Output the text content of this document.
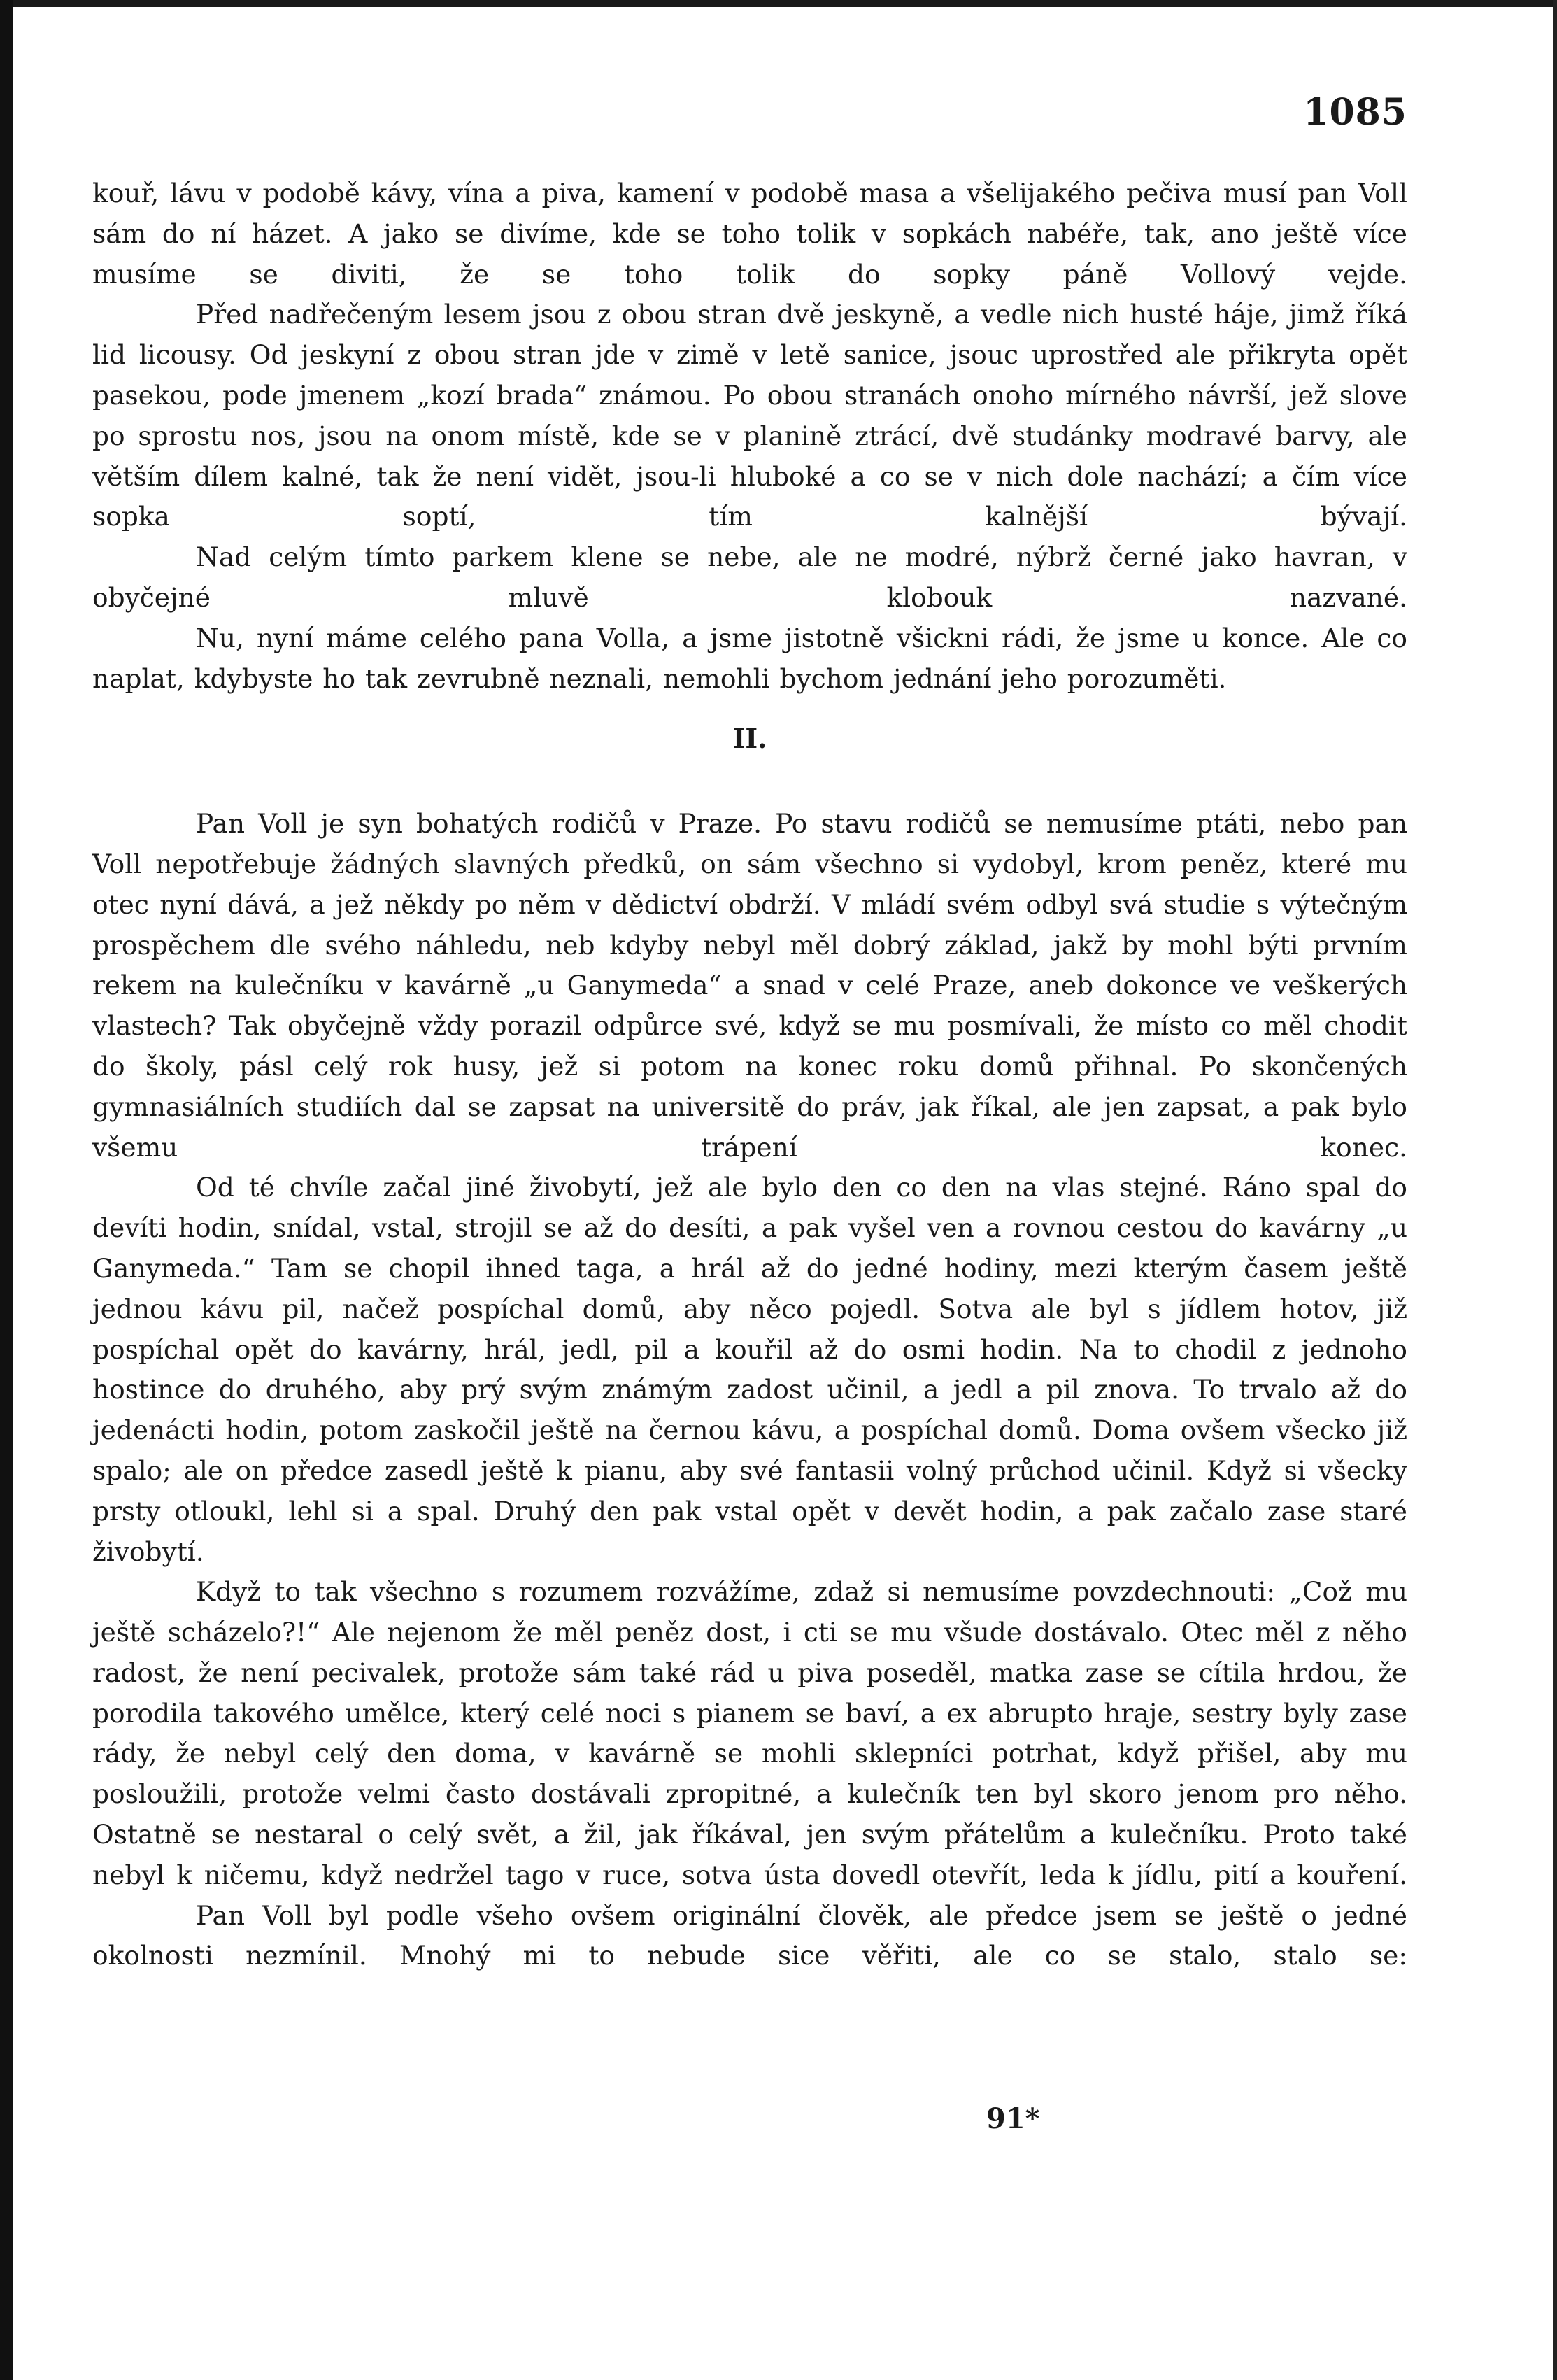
1085

kouř, lávu v podobě kávy, vína a piva, kamení v podobě masa a všelijakého pečiva musí pan Voll sám do ní házet. A jako se divíme, kde se toho tolik v sopkách nabéře, tak, ano ještě více musíme se diviti, že se toho tolik do sopky páně Vollový vejde.

Před nadřečeným lesem jsou z obou stran dvě jeskyně, a vedle nich husté háje, jimž říká lid licousy. Od jeskyní z obou stran jde v zimě v letě sanice, jsouc uprostřed ale přikryta opět pasekou, pode jmenem „kozí brada“ známou. Po obou stranách onoho mírného návrší, jež slove po sprostu nos, jsou na onom místě, kde se v planině ztrácí, dvě studánky modravé barvy, ale větším dílem kalné, tak že není vidět, jsou-li hluboké a co se v nich dole nachází; a čím více sopka soptí, tím kalnější bývají.

Nad celým tímto parkem klene se nebe, ale ne modré, nýbrž černé jako havran, v obyčejné mluvě klobouk nazvané.

Nu, nyní máme celého pana Volla, a jsme jistotně všickni rádi, že jsme u konce. Ale co naplat, kdybyste ho tak zevrubně neznali, nemohli bychom jednání jeho porozuměti.

II.

Pan Voll je syn bohatých rodičů v Praze. Po stavu rodičů se nemusíme ptáti, nebo pan Voll nepotřebuje žádných slavných předků, on sám všechno si vydobyl, krom peněz, které mu otec nyní dává, a jež někdy po něm v dědictví obdrží. V mládí svém odbyl svá studie s výtečným prospěchem dle svého náhledu, neb kdyby nebyl měl dobrý základ, jakž by mohl býti prvním rekem na kulečníku v kavárně „u Ganymeda“ a snad v celé Praze, aneb dokonce ve veškerých vlastech? Tak obyčejně vždy porazil odpůrce své, když se mu posmívali, že místo co měl chodit do školy, pásl celý rok husy, jež si potom na konec roku domů přihnal. Po skončených gymnasiálních studiích dal se zapsat na universitě do práv, jak říkal, ale jen zapsat, a pak bylo všemu trápení konec.

Od té chvíle začal jiné živobytí, jež ale bylo den co den na vlas stejné. Ráno spal do devíti hodin, snídal, vstal, strojil se až do desíti, a pak vyšel ven a rovnou cestou do kavárny „u Ganymeda.“ Tam se chopil ihned taga, a hrál až do jedné hodiny, mezi kterým časem ještě jednou kávu pil, načež pospíchal domů, aby něco pojedl. Sotva ale byl s jídlem hotov, již pospíchal opět do kavárny, hrál, jedl, pil a kouřil až do osmi hodin. Na to chodil z jednoho hostince do druhého, aby prý svým známým zadost učinil, a jedl a pil znova. To trvalo až do jedenácti hodin, potom zaskočil ještě na černou kávu, a pospíchal domů. Doma ovšem všecko již spalo; ale on předce zasedl ještě k pianu, aby své fantasii volný průchod učinil. Když si všecky prsty otloukl, lehl si a spal. Druhý den pak vstal opět v devět hodin, a pak začalo zase staré živobytí.

Když to tak všechno s rozumem rozvážíme, zdaž si nemusíme povzdechnouti: „Což mu ještě scházelo?!“ Ale nejenom že měl peněz dost, i cti se mu všude dostávalo. Otec měl z něho radost, že není pecivalek, protože sám také rád u piva poseděl, matka zase se cítila hrdou, že porodila takového umělce, který celé noci s pianem se baví, a ex abrupto hraje, sestry byly zase rády, že nebyl celý den doma, v kavárně se mohli sklepníci potrhat, když přišel, aby mu posloužili, protože velmi často dostávali zpropitné, a kulečník ten byl skoro jenom pro něho. Ostatně se nestaral o celý svět, a žil, jak říkával, jen svým přátelům a kulečníku. Proto také nebyl k ničemu, když nedržel tago v ruce, sotva ústa dovedl otevřít, leda k jídlu, pití a kouření.

Pan Voll byl podle všeho ovšem originální člověk, ale předce jsem se ještě o jedné okolnosti nezmínil. Mnohý mi to nebude sice věřiti, ale co se stalo, stalo se:

91*
